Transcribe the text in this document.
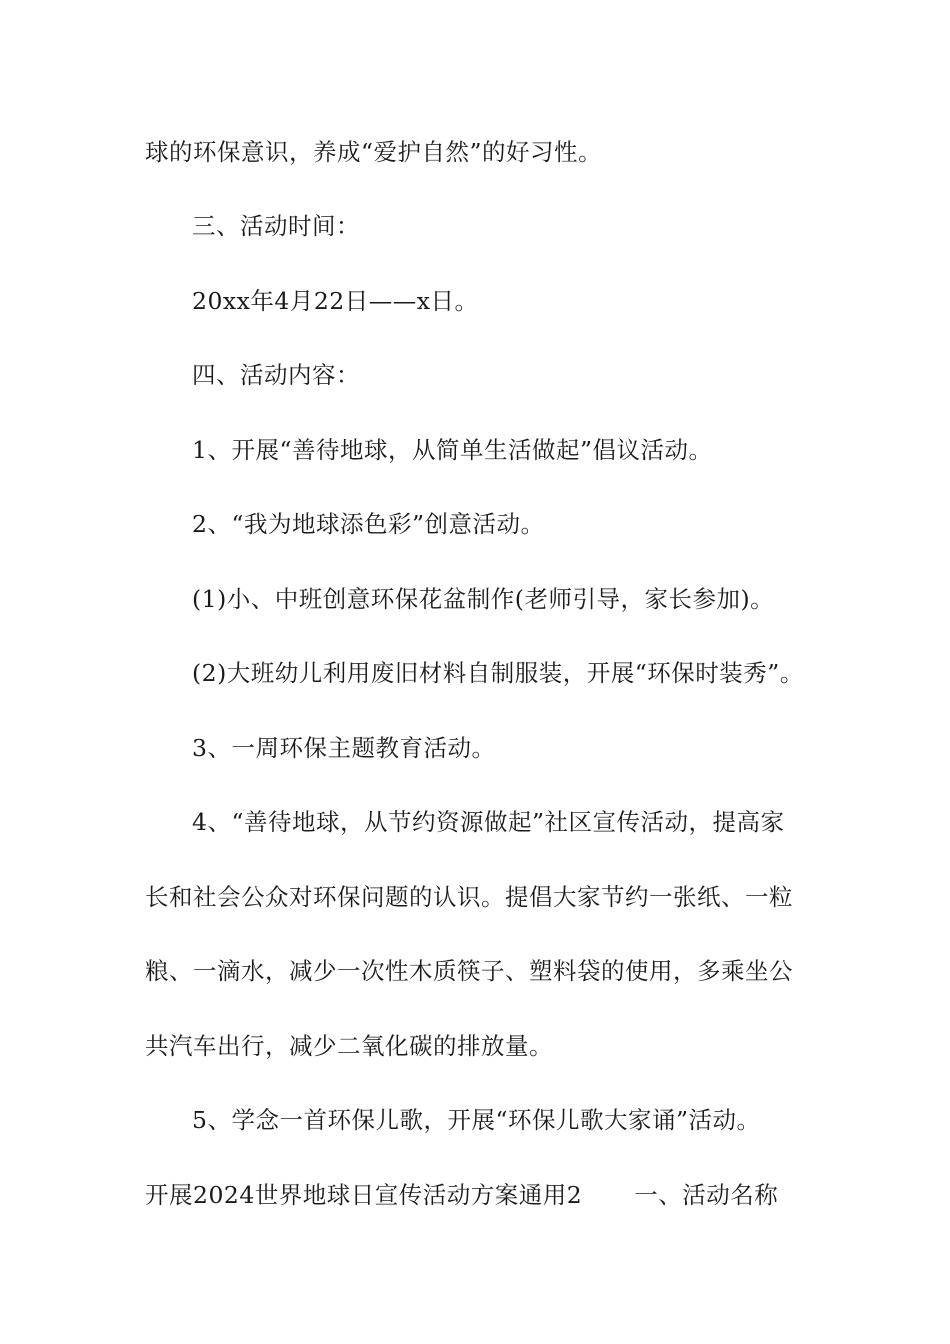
球的环保意识，养成“爱护自然”的好习性。
三、活动时间：
20xx年4月22日——x日。
四、活动内容：
1、开展“善待地球，从简单生活做起”倡议活动。
2、“我为地球添色彩”创意活动。
(1)小、中班创意环保花盆制作(老师引导，家长参加)。
(2)大班幼儿利用废旧材料自制服装，开展“环保时装秀”。
3、一周环保主题教育活动。
4、“善待地球，从节约资源做起”社区宣传活动，提高家
长和社会公众对环保问题的认识。提倡大家节约一张纸、一粒
粮、一滴水，减少一次性木质筷子、塑料袋的使用，多乘坐公
共汽车出行，减少二氧化碳的排放量。
5、学念一首环保儿歌，开展“环保儿歌大家诵”活动。
开展2024世界地球日宣传活动方案通用2 一、活动名称
